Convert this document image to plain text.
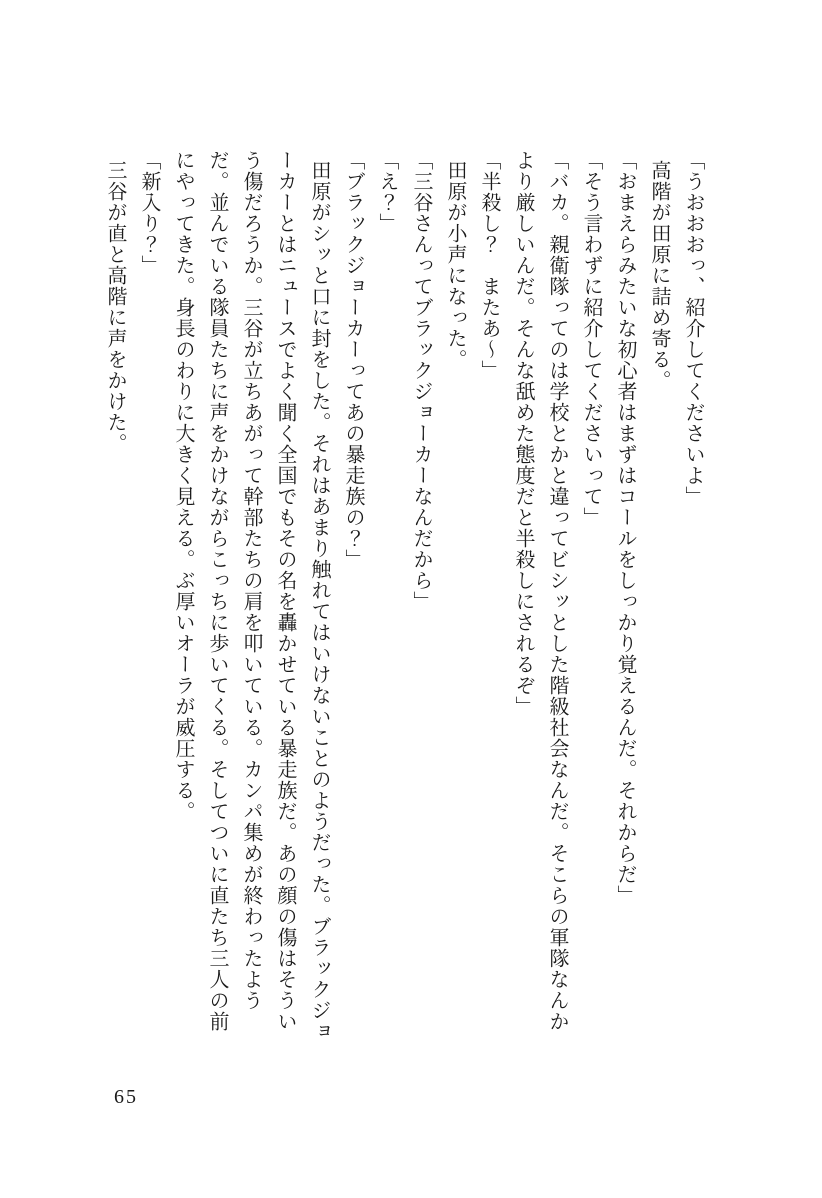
「うおおおっ、紹介してくださいよ」

高階が田原に詰め寄る。

「おまえらみたいな初心者はまずはコールをしっかり覚えるんだ。それからだ」

「そう言わずに紹介してくださいって」

「バカ。親衛隊ってのは学校とかと違ってビシッとした階級社会なんだ。そこらの軍隊なんかより厳しいんだ。そんな舐めた態度だと半殺しにされるぞ」

「半殺し？　またあ〜」

田原が小声になった。

「三谷さんってブラックジョーカーなんだから」

「え？」

「ブラックジョーカーってあの暴走族の？」

田原がシッと口に封をした。それはあまり触れてはいけないことのようだった。ブラックジョーカーとはニュースでよく聞く全国でもその名を轟かせている暴走族だ。あの顔の傷はそういう傷だろうか。三谷が立ちあがって幹部たちの肩を叩いている。カンパ集めが終わったようだ。並んでいる隊員たちに声をかけながらこっちに歩いてくる。そしてついに直たち三人の前にやってきた。身長のわりに大きく見える。ぶ厚いオーラが威圧する。

「新入り？」

三谷が直と高階に声をかけた。

65
